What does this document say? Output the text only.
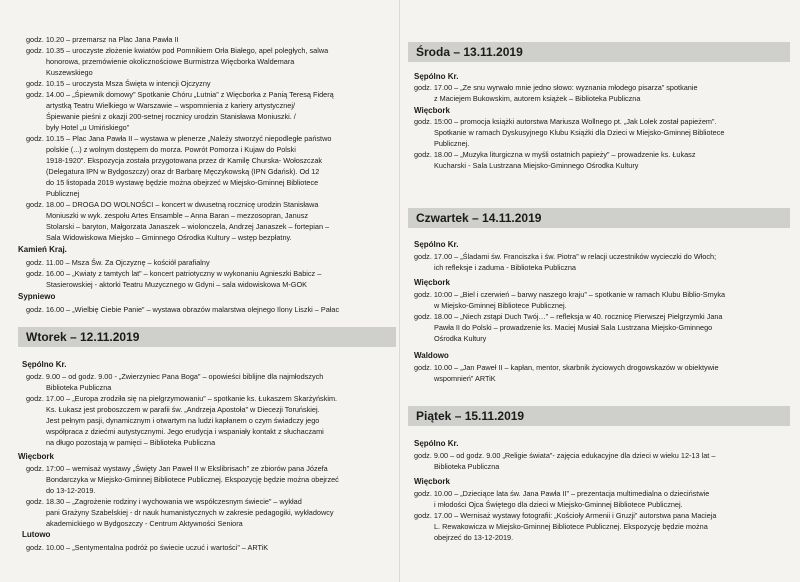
godz. 10.20 – przemarsz na Plac Jana Pawła II
godz. 10.35 – uroczyste złożenie kwiatów pod Pomnikiem Orła Białego, apel poległych, salwa
honorowa, przemówienie okolicznościowe Burmistrza Więcborka Waldemara
Kuszewskiego
godz. 10.15 – uroczysta Msza Święta w intencji Ojczyzny
godz. 14.00 – „Śpiewnik domowy” Spotkanie Chóru „Lutnia” z Więcborka z Panią Teresą Fiderą
artystką Teatru Wielkiego w Warszawie – wspomnienia z kariery artystycznej/
Śpiewanie pieśni z okazji 200-setnej rocznicy urodzin Stanisława Moniuszki. /
były Hotel „u Umińskiego”
godz. 10.15 – Plac Jana Pawła II – wystawa w plenerze „Należy stworzyć niepodległe państwo
polskie (...) z wolnym dostępem do morza. Powrót Pomorza i Kujaw do Polski
1918-1920”. Ekspozycja została przygotowana przez dr Kamilę Churska- Wołoszczak
(Delegatura IPN w Bydgoszczy) oraz dr Barbarę Męczykowską (IPN Gdańsk). Od 12
do 15 listopada 2019 wystawę będzie można obejrzeć w Miejsko-Gminnej Bibliotece
Publicznej
godz. 18.00 – DROGA DO WOLNOŚCI – koncert w dwusetną rocznicę urodzin Stanisława
Moniuszki w wyk. zespołu Artes Ensamble – Anna Baran – mezzosopran, Janusz
Stolarski – baryton, Małgorzata Janaszek – wiolonczela, Andrzej Janaszek – fortepian –
Sala Widowiskowa Miejsko – Gminnego Ośrodka Kultury – wstęp bezpłatny.
Kamień Kraj.
godz. 11.00 – Msza Św. Za Ojczyznę – kościół parafialny
godz. 16.00 – „Kwiaty z tamtych lat” – koncert patriotyczny w wykonaniu Agnieszki Babicz –
Stasierowskiej - aktorki Teatru Muzycznego w Gdyni – sala widowiskowa M-GOK
Sypniewo
godz. 16.00 – „Wielbię Ciebie Panie” – wystawa obrazów malarstwa olejnego Ilony Liszki – Pałac
Wtorek – 12.11.2019
Sępólno Kr.
godz. 9.00 – od godz. 9.00 - „Zwierzyniec Pana Boga” – opowieści biblijne dla najmłodszych
Biblioteka Publiczna
godz. 17.00 – „Europa zrodziła się na pielgrzymowaniu” – spotkanie ks. Łukaszem Skarżyńskim.
Ks. Łukasz jest proboszczem w parafii św. „Andrzeja Apostoła” w Diecezji Toruńskiej.
Jest pełnym pasji, dynamicznym i otwartym na ludzi kapłanem o czym świadczy jego
współpraca z dziećmi autystycznymi. Jego erudycja i wspaniały kontakt z słuchaczami
na długo pozostają w pamięci – Biblioteka Publiczna
Więcbork
godz. 17:00 – wernisaż wystawy „Święty Jan Paweł II w Ekslibrisach” ze zbiorów pana Józefa
Bondarczyka w Miejsko-Gminnej Bibliotece Publicznej. Ekspozycję będzie można obejrzeć
do 13-12-2019.
godz. 18.30 – „Zagrożenie rodziny i wychowania we współczesnym świecie” – wykład
pani Grażyny Szabelskiej - dr nauk humanistycznych w zakresie pedagogiki, wykładowcy
akademickiego w Bydgoszczy - Centrum Aktywności Seniora
Lutowo
godz. 10.00 – „Sentymentalna podróż po świecie uczuć i wartości” – ARTiK
Środa – 13.11.2019
Sępólno Kr.
godz. 17.00 – „Ze snu wyrwało mnie jedno słowo: wyznania młodego pisarza” spotkanie
z Maciejem Bukowskim, autorem książek – Biblioteka Publiczna
Więcbork
godz. 15:00 – promocja książki autorstwa Mariusza Wollnego pt. „Jak Lolek został papieżem”.
Spotkanie w ramach Dyskusyjnego Klubu Książki dla Dzieci w Miejsko-Gminnej Bibliotece
Publicznej.
godz. 18.00 – „Muzyka liturgiczna w myśli ostatnich papieży” – prowadzenie ks. Łukasz
Kucharski - Sala Lustrzana Miejsko-Gminnego Ośrodka Kultury
Czwartek – 14.11.2019
Sępólno Kr.
godz. 17.00 – „Śladami św. Franciszka i św. Piotra” w relacji uczestników wycieczki do Włoch;
ich refleksje i zaduma - Biblioteka Publiczna
Więcbork
godz. 10:00 – „Biel i czerwień – barwy naszego kraju” – spotkanie w ramach Klubu Biblio-Smyka
w Miejsko-Gminnej Bibliotece Publicznej.
godz. 18.00 – „Niech zstąpi Duch Twój…” – refleksja w 40. rocznicę Pierwszej Pielgrzymki Jana
Pawła II do Polski – prowadzenie ks. Maciej Musiał Sala Lustrzana Miejsko-Gminnego
Ośrodka Kultury
Waldowo
godz. 10.00 – „Jan Paweł II – kapłan, mentor, skarbnik życiowych drogowskazów w obiektywie
wspomnień” ARTiK
Piątek – 15.11.2019
Sępólno Kr.
godz. 9.00 – od godz. 9.00 „Religie świata”- zajęcia edukacyjne dla dzieci w wieku 12-13 lat –
Biblioteka Publiczna
Więcbork
godz. 10.00 – „Dzieciące lata św. Jana Pawła II” – prezentacja multimedialna o dzieciństwie
i młodości Ojca Świętego dla dzieci w Miejsko-Gminnej Bibliotece Publicznej.
godz. 17.00 – Wernisaż wystawy fotografii: „Kościoły Armenii i Gruzji” autorstwa pana Macieja
L. Rewakowicza w Miejsko-Gminnej Bibliotece Publicznej. Ekspozycję będzie można
obejrzeć do 13-12-2019.
